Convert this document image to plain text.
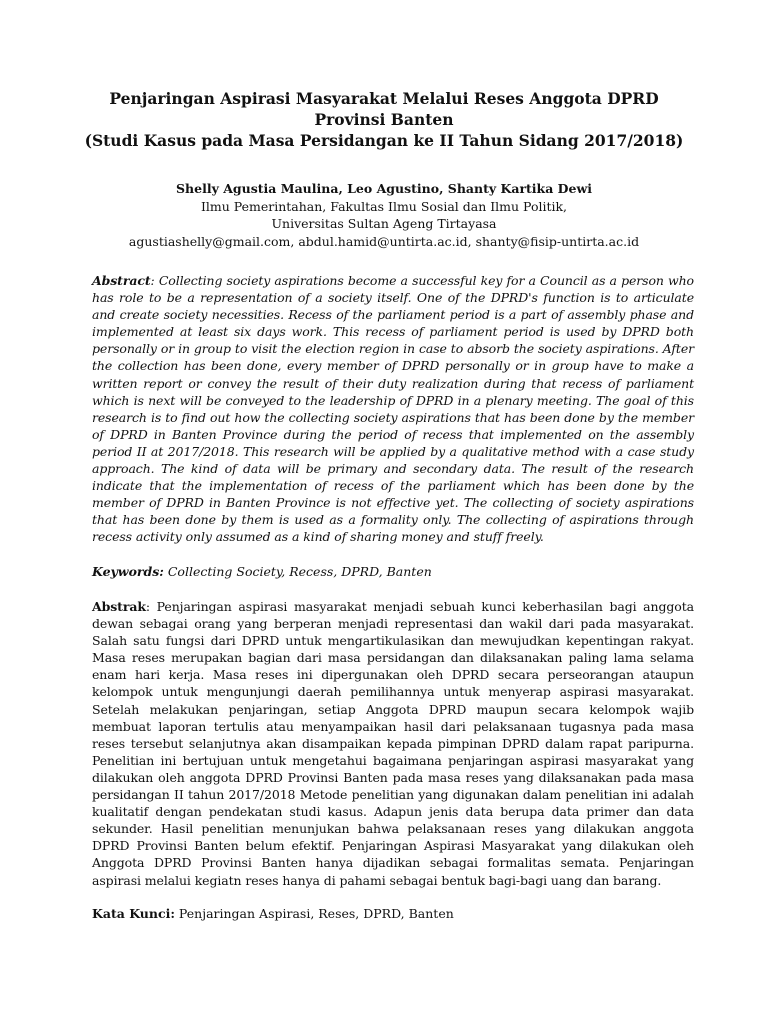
Penjaringan Aspirasi Masyarakat Melalui Reses Anggota DPRD
Provinsi Banten
(Studi Kasus pada Masa Persidangan ke II Tahun Sidang 2017/2018)
Shelly Agustia Maulina, Leo Agustino, Shanty Kartika Dewi
Ilmu Pemerintahan, Fakultas Ilmu Sosial dan Ilmu Politik,
Universitas Sultan Ageng Tirtayasa
agustiashelly@gmail.com, abdul.hamid@untirta.ac.id, shanty@fisip-untirta.ac.id
Abstract: Collecting society aspirations become a successful key for a Council as a person who has role to be a representation of a society itself. One of the DPRD's function is to articulate and create society necessities. Recess of the parliament period is a part of assembly phase and implemented at least six days work. This recess of parliament period is used by DPRD both personally or in group to visit the election region in case to absorb the society aspirations. After the collection has been done, every member of DPRD personally or in group have to make a written report or convey the result of their duty realization during that recess of parliament which is next will be conveyed to the leadership of DPRD in a plenary meeting. The goal of this research is to find out how the collecting society aspirations that has been done by the member of DPRD in Banten Province during the period of recess that implemented on the assembly period II at 2017/2018. This research will be applied by a qualitative method with a case study approach. The kind of data will be primary and secondary data. The result of the research indicate that the implementation of recess of the parliament which has been done by the member of DPRD in Banten Province is not effective yet. The collecting of society aspirations that has been done by them is used as a formality only. The collecting of aspirations through recess activity only assumed as a kind of sharing money and stuff freely.
Keywords: Collecting Society, Recess, DPRD, Banten
Abstrak: Penjaringan aspirasi masyarakat menjadi sebuah kunci keberhasilan bagi anggota dewan sebagai orang yang berperan menjadi representasi dan wakil dari pada masyarakat. Salah satu fungsi dari DPRD untuk mengartikulasikan dan mewujudkan kepentingan rakyat. Masa reses merupakan bagian dari masa persidangan dan dilaksanakan paling lama selama enam hari kerja. Masa reses ini dipergunakan oleh DPRD secara perseorangan ataupun kelompok untuk mengunjungi daerah pemilihannya untuk menyerap aspirasi masyarakat. Setelah melakukan penjaringan, setiap Anggota DPRD maupun secara kelompok wajib membuat laporan tertulis atau menyampaikan hasil dari pelaksanaan tugasnya pada masa reses tersebut selanjutnya akan disampaikan kepada pimpinan DPRD dalam rapat paripurna. Penelitian ini bertujuan untuk mengetahui bagaimana penjaringan aspirasi masyarakat yang dilakukan oleh anggota DPRD Provinsi Banten pada masa reses yang dilaksanakan pada masa persidangan II tahun 2017/2018 Metode penelitian yang digunakan dalam penelitian ini adalah kualitatif dengan pendekatan studi kasus. Adapun jenis data berupa data primer dan data sekunder. Hasil penelitian menunjukan bahwa pelaksanaan reses yang dilakukan anggota DPRD Provinsi Banten belum efektif. Penjaringan Aspirasi Masyarakat yang dilakukan oleh Anggota DPRD Provinsi Banten hanya dijadikan sebagai formalitas semata. Penjaringan aspirasi melalui kegiatn reses hanya di pahami sebagai bentuk bagi-bagi uang dan barang.
Kata Kunci: Penjaringan Aspirasi, Reses, DPRD, Banten
